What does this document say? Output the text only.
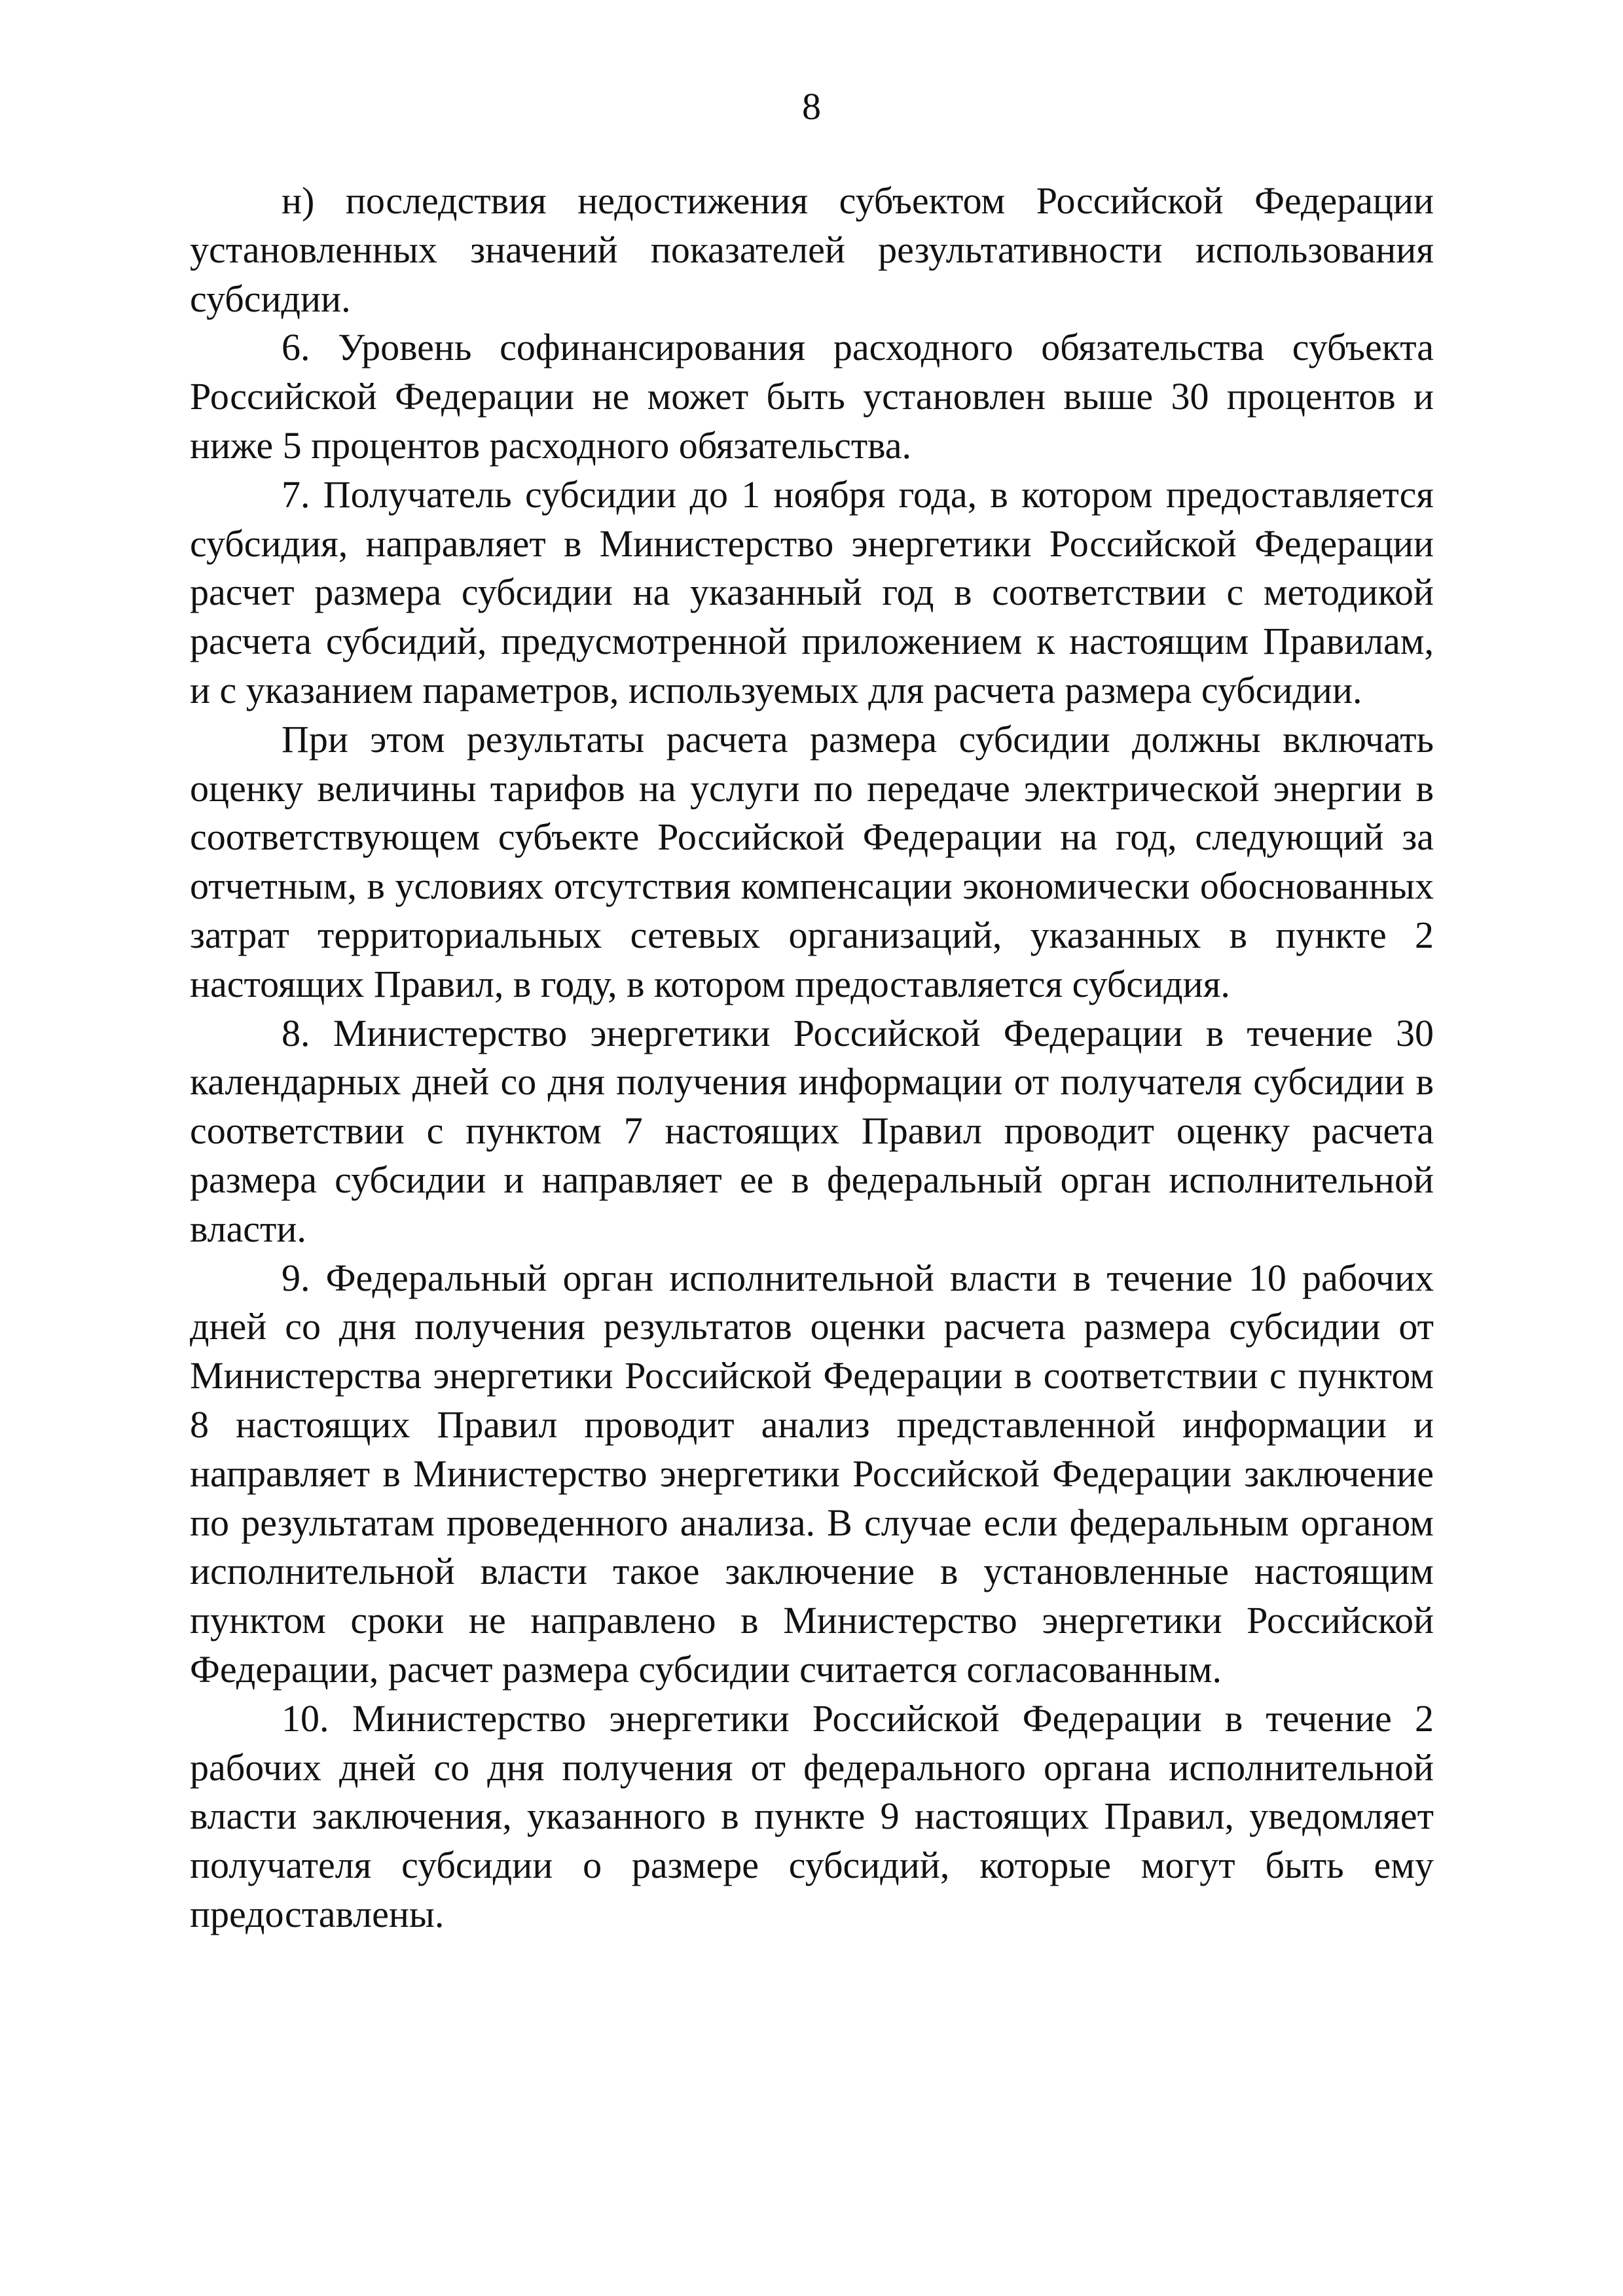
8

н) последствия недостижения субъектом Российской Федерации установленных значений показателей результативности использования субсидии.

6. Уровень софинансирования расходного обязательства субъекта Российской Федерации не может быть установлен выше 30 процентов и ниже 5 процентов расходного обязательства.

7. Получатель субсидии до 1 ноября года, в котором предоставляется субсидия, направляет в Министерство энергетики Российской Федерации расчет размера субсидии на указанный год в соответствии с методикой расчета субсидий, предусмотренной приложением к настоящим Правилам, и с указанием параметров, используемых для расчета размера субсидии.

При этом результаты расчета размера субсидии должны включать оценку величины тарифов на услуги по передаче электрической энергии в соответствующем субъекте Российской Федерации на год, следующий за отчетным, в условиях отсутствия компенсации экономически обоснованных затрат территориальных сетевых организаций, указанных в пункте 2 настоящих Правил, в году, в котором предоставляется субсидия.

8. Министерство энергетики Российской Федерации в течение 30 календарных дней со дня получения информации от получателя субсидии в соответствии с пунктом 7 настоящих Правил проводит оценку расчета размера субсидии и направляет ее в федеральный орган исполнительной власти.

9. Федеральный орган исполнительной власти в течение 10 рабочих дней со дня получения результатов оценки расчета размера субсидии от Министерства энергетики Российской Федерации в соответствии с пунктом 8 настоящих Правил проводит анализ представленной информации и направляет в Министерство энергетики Российской Федерации заключение по результатам проведенного анализа. В случае если федеральным органом исполнительной власти такое заключение в установленные настоящим пунктом сроки не направлено в Министерство энергетики Российской Федерации, расчет размера субсидии считается согласованным.

10. Министерство энергетики Российской Федерации в течение 2 рабочих дней со дня получения от федерального органа исполнительной власти заключения, указанного в пункте 9 настоящих Правил, уведомляет получателя субсидии о размере субсидий, которые могут быть ему предоставлены.
